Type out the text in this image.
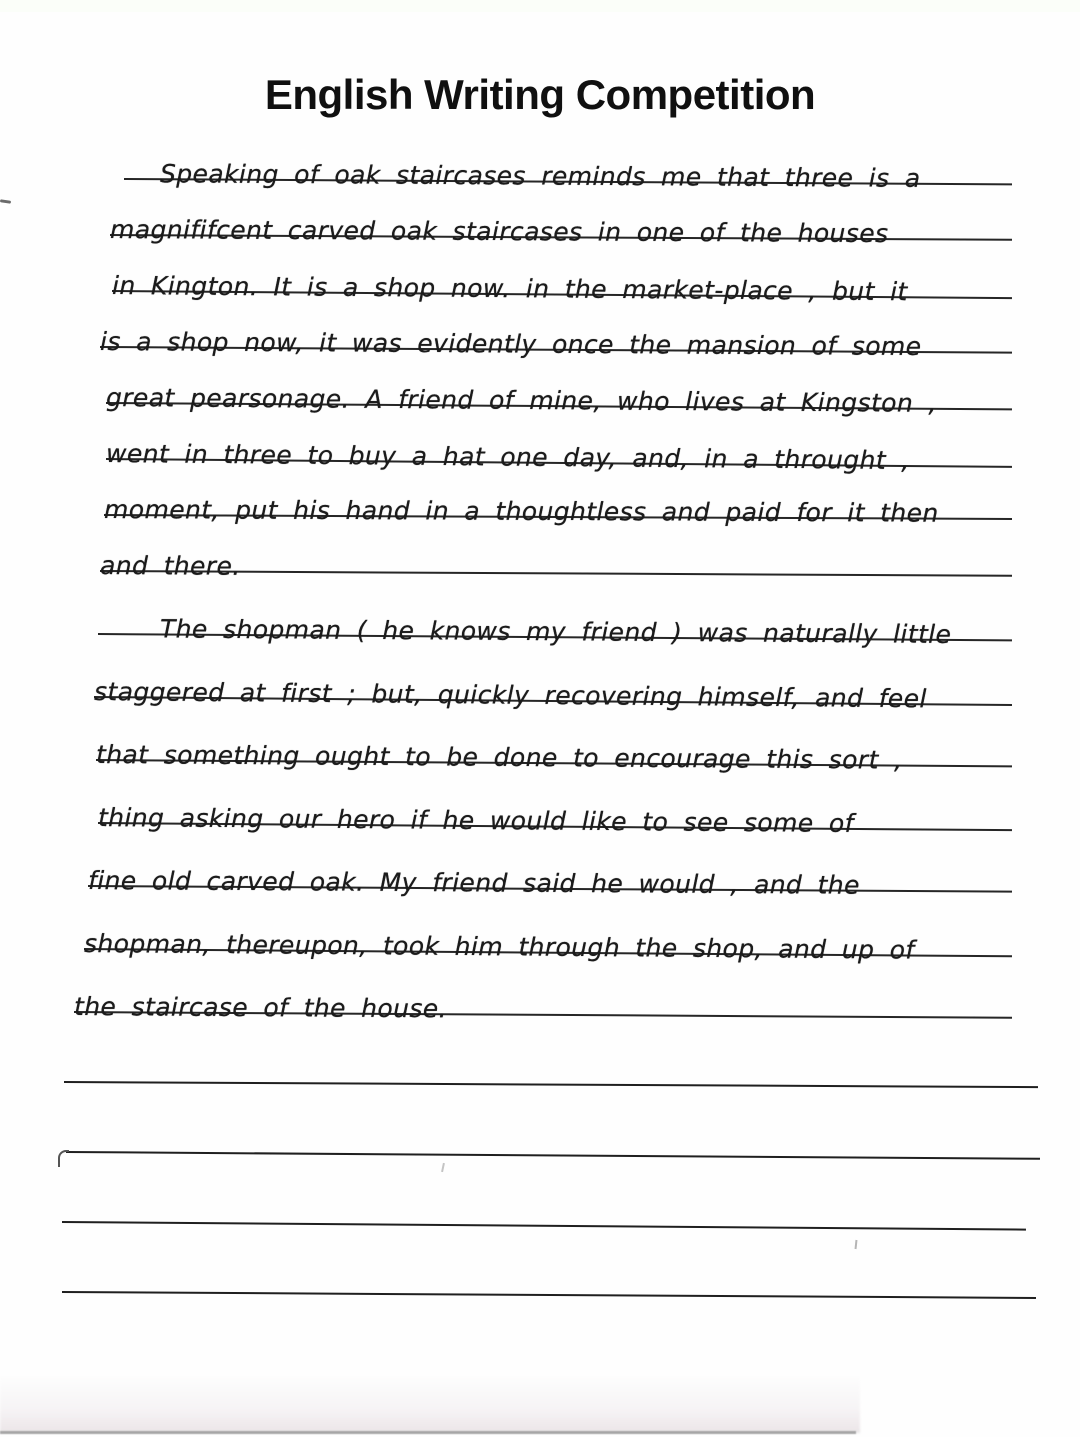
English Writing Competition
Speaking of oak staircases reminds me that three is a
magnififcent carved oak staircases in one of the houses
in Kington. It is a shop now. in the market-place , but it
is a shop now, it was evidently once the mansion of some
great pearsonage. A friend of mine, who lives at Kingston ,
went in three to buy a hat one day, and, in a throught ,
moment, put his hand in a thoughtless and paid for it then
and there.
The shopman ( he knows my friend ) was naturally little
staggered at first ; but, quickly recovering himself, and feel
that something ought to be done to encourage this sort ,
thing asking our hero if he would like to see some of
fine old carved oak. My friend said he would , and the
shopman, thereupon, took him through the shop, and up of
the staircase of the house.
